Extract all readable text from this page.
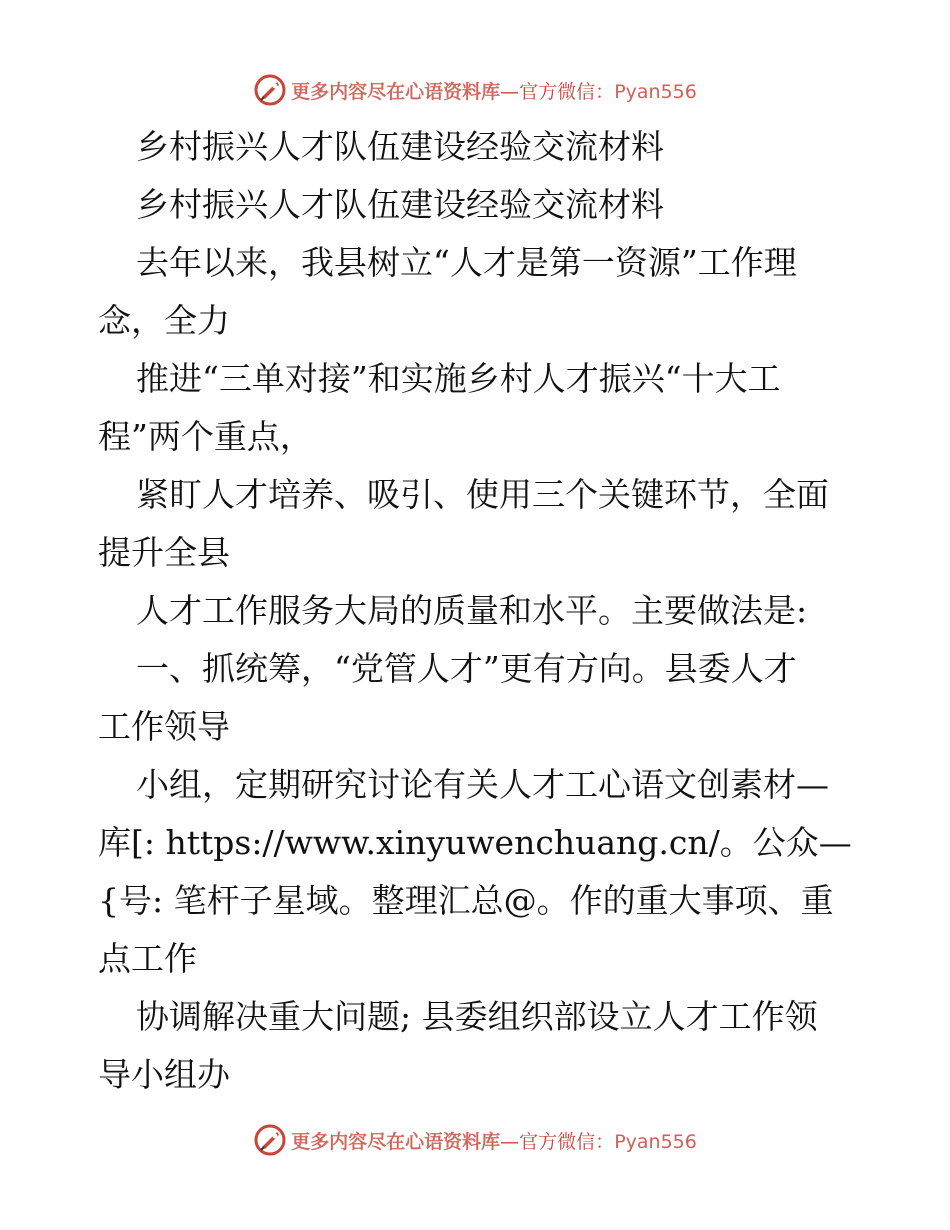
更多内容尽在心语资料库—官方微信：Pyan556
乡村振兴人才队伍建设经验交流材料
乡村振兴人才队伍建设经验交流材料
去年以来，我县树立“人才是第一资源”工作理
念，全力
推进“三单对接”和实施乡村人才振兴“十大工
程”两个重点，
紧盯人才培养、吸引、使用三个关键环节，全面
提升全县
人才工作服务大局的质量和水平。主要做法是:
一、抓统筹，“党管人才”更有方向。县委人才
工作领导
小组，定期研究讨论有关人才工心语文创素材—
库[: https://www.xinyuwenchuang.cn/。公众—
{号: 笔杆子星域。整理汇总@。作的重大事项、重
点工作
协调解决重大问题; 县委组织部设立人才工作领
导小组办
更多内容尽在心语资料库—官方微信：Pyan556
